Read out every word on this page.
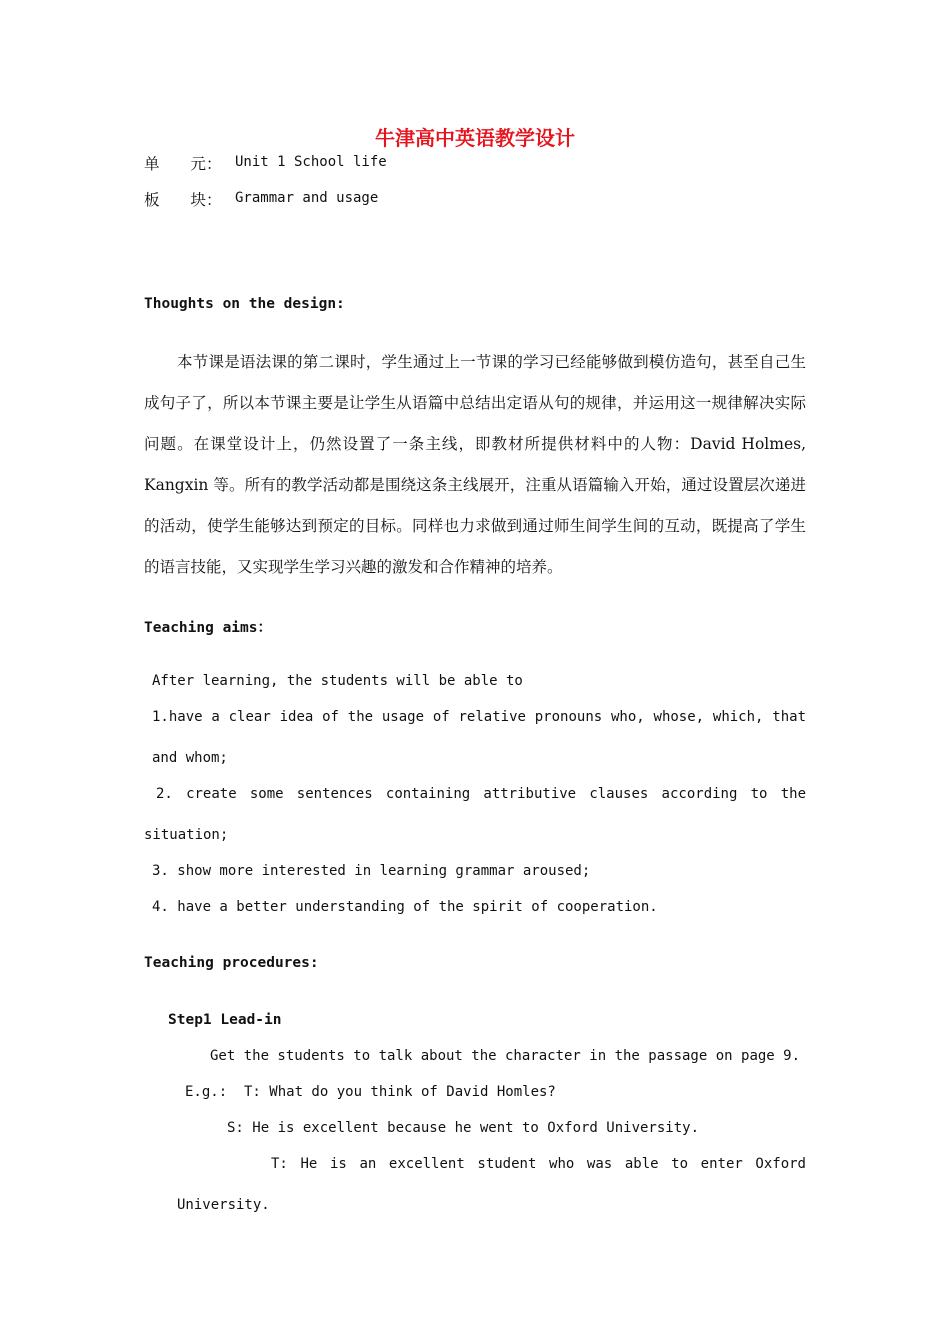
牛津高中英语教学设计
单　　元： Unit 1 School life
板　　块： Grammar and usage
Thoughts on the design:
本节课是语法课的第二课时，学生通过上一节课的学习已经能够做到模仿造句，甚至自己生成句子了，所以本节课主要是让学生从语篇中总结出定语从句的规律，并运用这一规律解决实际问题。在课堂设计上，仍然设置了一条主线，即教材所提供材料中的人物：David Holmes, Kangxin 等。所有的教学活动都是围绕这条主线展开，注重从语篇输入开始，通过设置层次递进的活动，使学生能够达到预定的目标。同样也力求做到通过师生间学生间的互动，既提高了学生的语言技能，又实现学生学习兴趣的激发和合作精神的培养。
Teaching aims：
After learning, the students will be able to
1.have a clear idea of the usage of relative pronouns who, whose, which, that
and whom;
2. create some sentences containing attributive clauses according to the
situation;
3. show more interested in learning grammar aroused;
4. have a better understanding of the spirit of cooperation.
Teaching procedures:
Step1 Lead-in
Get the students to talk about the character in the passage on page 9.
E.g.: T: What do you think of David Homles?
S: He is excellent because he went to Oxford University.
T: He is an excellent student who was able to enter Oxford
University.
